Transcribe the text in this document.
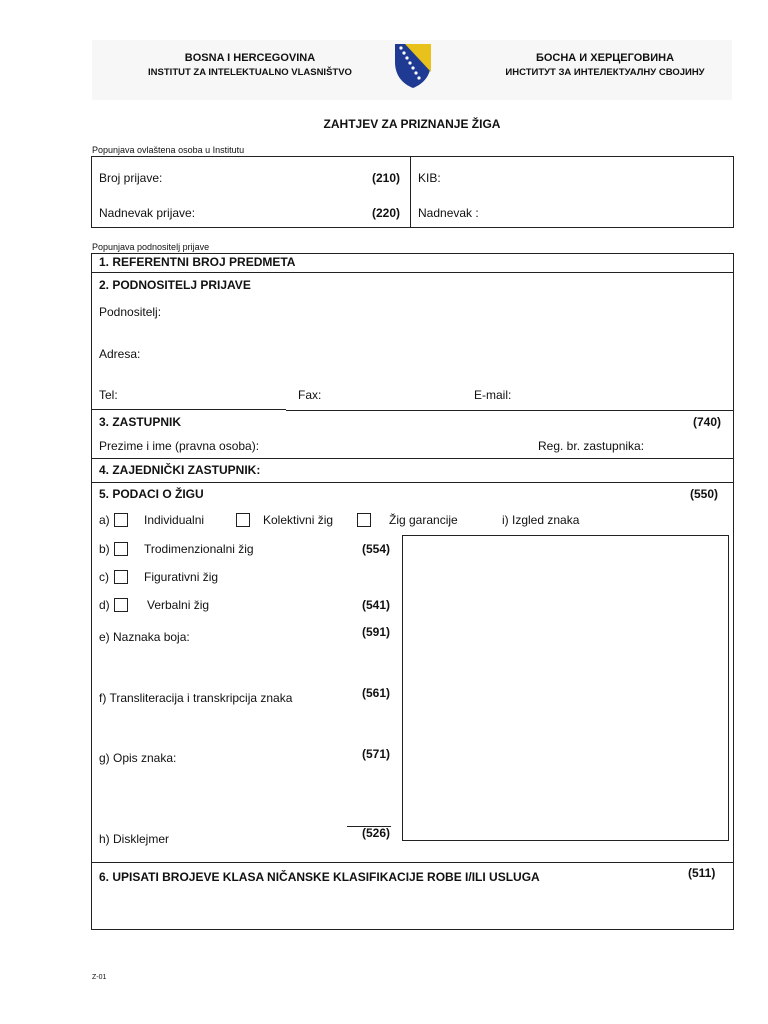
BOSNA I HERCEGOVINA
INSTITUT ZA INTELEKTUALNO VLASNIŠTVO
БОСНА И ХЕРЦЕГОВИНА
ИНСТИТУТ ЗА ИНТЕЛЕКТУАЛНУ СВОЈИНУ
ZAHTJEV ZA PRIZNANJE ŽIGA
Popunjava ovlaštena osoba u Institutu
Broj prijave:	(210) KIB:
Nadnevak prijave:	(220) Nadnevak :
Popunjava podnositelj prijave
1. REFERENTNI BROJ PREDMETA
2. PODNOSITELJ PRIJAVE
Podnositelj:
Adresa:
Tel:	Fax:	E-mail:
3. ZASTUPNIK	(740)
Prezime i ime (pravna osoba):	Reg. br. zastupnika:
4. ZAJEDNIČKI ZASTUPNIK:
5. PODACI O ŽIGU	(550)
a)	Individualni	Kolektivni žig	Žig garancije	i) Izgled znaka
b)	Trodimenzionalni žig	(554)
c)	Figurativni žig
d)	Verbalni žig	(541)
e) Naznaka boja:	(591)
f) Transliteracija i transkripcija znaka	(561)
g) Opis znaka:	(571)
h) Disklejmer	(526)
6. UPISATI BROJEVE KLASA NIČANSKE KLASIFIKACIJE ROBE I/ILI USLUGA	(511)
Z-01
